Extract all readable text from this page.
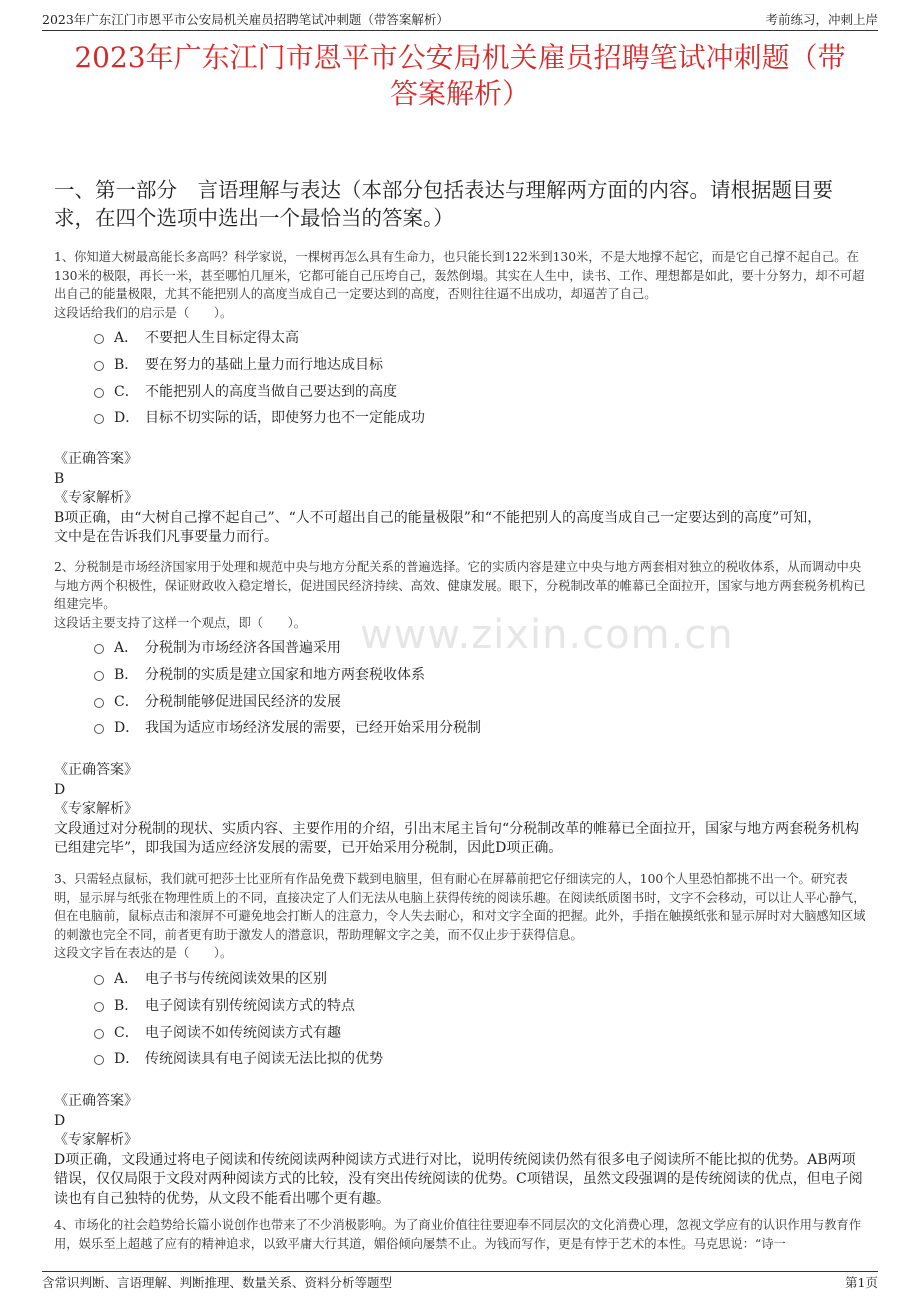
2023年广东江门市恩平市公安局机关雇员招聘笔试冲刺题（带答案解析）	考前练习，冲刺上岸
2023年广东江门市恩平市公安局机关雇员招聘笔试冲刺题（带
答案解析）
一、第一部分　言语理解与表达（本部分包括表达与理解两方面的内容。请根据题目要求，在四个选项中选出一个最恰当的答案。）
www.zixin.com.cn

1、你知道大树最高能长多高吗？科学家说，一棵树再怎么具有生命力，也只能长到122米到130米，不是大地撑不起它，而是它自己撑不起自己。在130米的极限，再长一米，甚至哪怕几厘米，它都可能自己压垮自己，轰然倒塌。其实在人生中，读书、工作、理想都是如此，要十分努力，却不可超出自己的能量极限，尤其不能把别人的高度当成自己一定要达到的高度，否则往往逼不出成功，却逼苦了自己。
这段话给我们的启示是（　　）。

A． 不要把人生目标定得太高
B． 要在努力的基础上量力而行地达成目标
C． 不能把别人的高度当做自己要达到的高度
D． 目标不切实际的话，即使努力也不一定能成功

《正确答案》

B

《专家解析》

B项正确，由“大树自己撑不起自己”、“人不可超出自己的能量极限”和“不能把别人的高度当成自己一定要达到的高度”可知，
文中是在告诉我们凡事要量力而行。

2、分税制是市场经济国家用于处理和规范中央与地方分配关系的普遍选择。它的实质内容是建立中央与地方两套相对独立的税收体系，从而调动中央与地方两个积极性，保证财政收入稳定增长，促进国民经济持续、高效、健康发展。眼下，分税制改革的帷幕已全面拉开，国家与地方两套税务机构已组建完毕。
这段话主要支持了这样一个观点，即（　　）。

A． 分税制为市场经济各国普遍采用
B． 分税制的实质是建立国家和地方两套税收体系
C． 分税制能够促进国民经济的发展
D． 我国为适应市场经济发展的需要，已经开始采用分税制

《正确答案》

D

《专家解析》

文段通过对分税制的现状、实质内容、主要作用的介绍，引出末尾主旨句“分税制改革的帷幕已全面拉开，国家与地方两套税务机构已组建完毕”，即我国为适应经济发展的需要，已开始采用分税制，因此D项正确。

3、只需轻点鼠标，我们就可把莎士比亚所有作品免费下载到电脑里，但有耐心在屏幕前把它仔细读完的人，100个人里恐怕都挑不出一个。研究表明，显示屏与纸张在物理性质上的不同，直接决定了人们无法从电脑上获得传统的阅读乐趣。在阅读纸质图书时，文字不会移动，可以让人平心静气，但在电脑前，鼠标点击和滚屏不可避免地会打断人的注意力，令人失去耐心，和对文字全面的把握。此外，手指在触摸纸张和显示屏时对大脑感知区域的刺激也完全不同，前者更有助于激发人的潜意识，帮助理解文字之美，而不仅止步于获得信息。
这段文字旨在表达的是（　　）。

A． 电子书与传统阅读效果的区别
B． 电子阅读有别传统阅读方式的特点
C． 电子阅读不如传统阅读方式有趣
D． 传统阅读具有电子阅读无法比拟的优势

《正确答案》

D

《专家解析》

D项正确，文段通过将电子阅读和传统阅读两种阅读方式进行对比，说明传统阅读仍然有很多电子阅读所不能比拟的优势。AB两项错误，仅仅局限于文段对两种阅读方式的比较，没有突出传统阅读的优势。C项错误，虽然文段强调的是传统阅读的优点，但电子阅读也有自己独特的优势，从文段不能看出哪个更有趣。

4、市场化的社会趋势给长篇小说创作也带来了不少消极影响。为了商业价值往往要迎奉不同层次的文化消费心理，忽视文学应有的认识作用与教育作用，娱乐至上超越了应有的精神追求，以致平庸大行其道，媚俗倾向屡禁不止。为钱而写作，更是有悖于艺术的本性。马克思说：“诗一

含常识判断、言语理解、判断推理、数量关系、资料分析等题型	第1页
